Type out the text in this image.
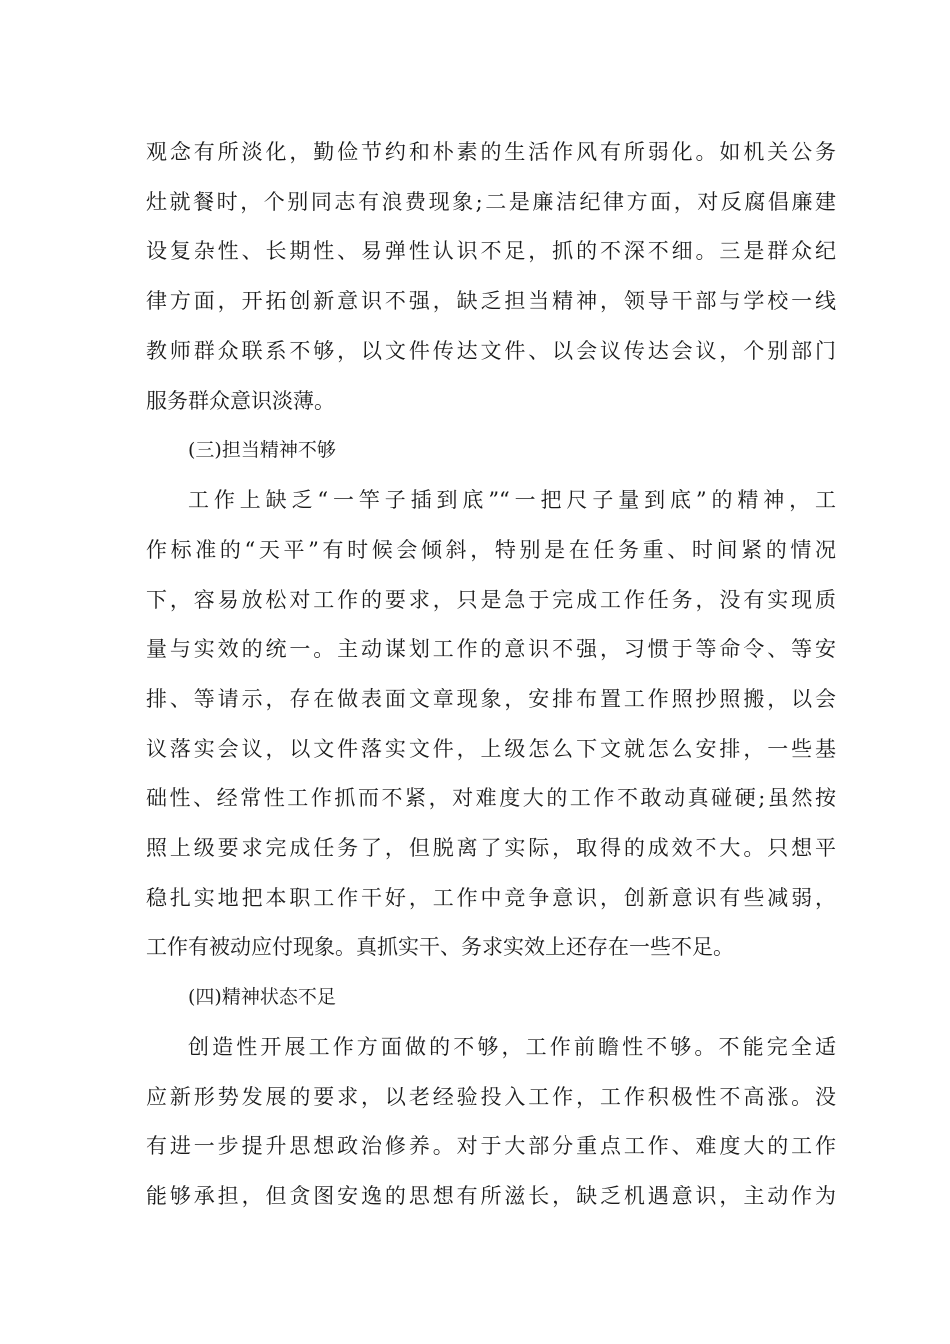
观念有所淡化，勤俭节约和朴素的生活作风有所弱化。如机关公务
灶就餐时，个别同志有浪费现象;二是廉洁纪律方面，对反腐倡廉建
设复杂性、长期性、易弹性认识不足，抓的不深不细。三是群众纪
律方面，开拓创新意识不强，缺乏担当精神，领导干部与学校一线
教师群众联系不够，以文件传达文件、以会议传达会议，个别部门
服务群众意识淡薄。
(三)担当精神不够
工作上缺乏“一竿子插到底”“一把尺子量到底”的精神，工
作标准的“天平”有时候会倾斜，特别是在任务重、时间紧的情况
下，容易放松对工作的要求，只是急于完成工作任务，没有实现质
量与实效的统一。主动谋划工作的意识不强，习惯于等命令、等安
排、等请示，存在做表面文章现象，安排布置工作照抄照搬，以会
议落实会议，以文件落实文件，上级怎么下文就怎么安排，一些基
础性、经常性工作抓而不紧，对难度大的工作不敢动真碰硬;虽然按
照上级要求完成任务了，但脱离了实际，取得的成效不大。只想平
稳扎实地把本职工作干好，工作中竞争意识，创新意识有些减弱，
工作有被动应付现象。真抓实干、务求实效上还存在一些不足。
(四)精神状态不足
创造性开展工作方面做的不够，工作前瞻性不够。不能完全适
应新形势发展的要求，以老经验投入工作，工作积极性不高涨。没
有进一步提升思想政治修养。对于大部分重点工作、难度大的工作
能够承担，但贪图安逸的思想有所滋长，缺乏机遇意识，主动作为
